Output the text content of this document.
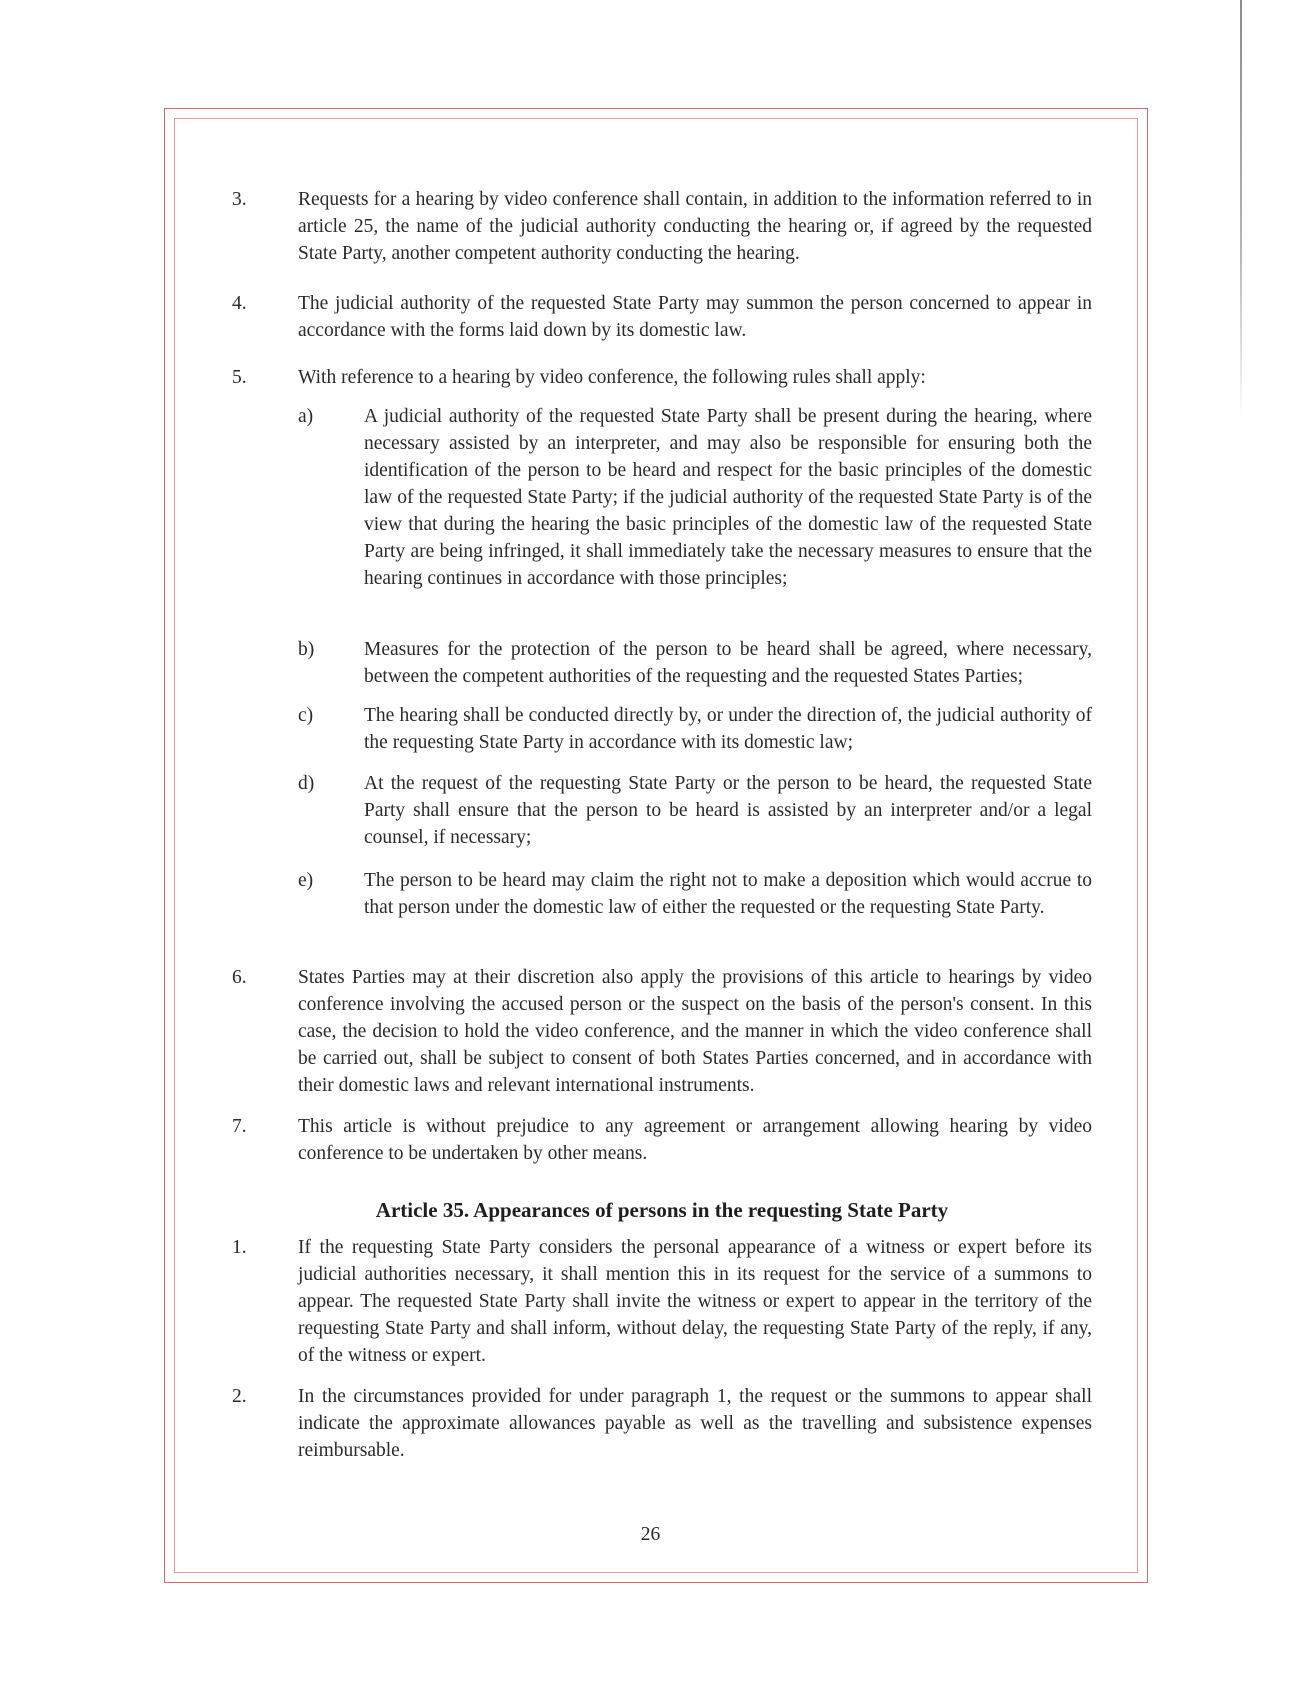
3.	Requests for a hearing by video conference shall contain, in addition to the information referred to in article 25, the name of the judicial authority conducting the hearing or, if agreed by the requested State Party, another competent authority conducting the hearing.
4.	The judicial authority of the requested State Party may summon the person concerned to appear in accordance with the forms laid down by its domestic law.
5.	With reference to a hearing by video conference, the following rules shall apply:
a)	A judicial authority of the requested State Party shall be present during the hearing, where necessary assisted by an interpreter, and may also be responsible for ensuring both the identification of the person to be heard and respect for the basic principles of the domestic law of the requested State Party; if the judicial authority of the requested State Party is of the view that during the hearing the basic principles of the domestic law of the requested State Party are being infringed, it shall immediately take the necessary measures to ensure that the hearing continues in accordance with those principles;
b)	Measures for the protection of the person to be heard shall be agreed, where necessary, between the competent authorities of the requesting and the requested States Parties;
c)	The hearing shall be conducted directly by, or under the direction of, the judicial authority of the requesting State Party in accordance with its domestic law;
d)	At the request of the requesting State Party or the person to be heard, the requested State Party shall ensure that the person to be heard is assisted by an interpreter and/or a legal counsel, if necessary;
e)	The person to be heard may claim the right not to make a deposition which would accrue to that person under the domestic law of either the requested or the requesting State Party.
6.	States Parties may at their discretion also apply the provisions of this article to hearings by video conference involving the accused person or the suspect on the basis of the person's consent. In this case, the decision to hold the video conference, and the manner in which the video conference shall be carried out, shall be subject to consent of both States Parties concerned, and in accordance with their domestic laws and relevant international instruments.
7.	This article is without prejudice to any agreement or arrangement allowing hearing by video conference to be undertaken by other means.
Article 35. Appearances of persons in the requesting State Party
1.	If the requesting State Party considers the personal appearance of a witness or expert before its judicial authorities necessary, it shall mention this in its request for the service of a summons to appear. The requested State Party shall invite the witness or expert to appear in the territory of the requesting State Party and shall inform, without delay, the requesting State Party of the reply, if any, of the witness or expert.
2.	In the circumstances provided for under paragraph 1, the request or the summons to appear shall indicate the approximate allowances payable as well as the travelling and subsistence expenses reimbursable.
26
